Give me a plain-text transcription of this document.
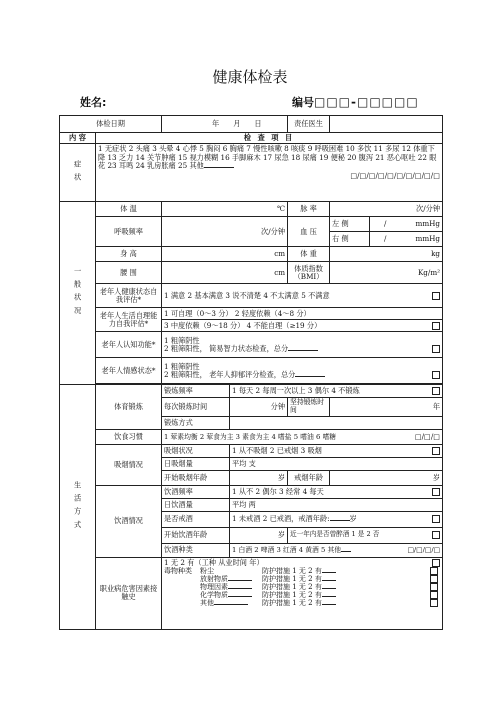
健康体检表
姓名:	编号□□□-□□□□□
体检日期	年 月 日	责任医生	
内 容	检 查 项 目

症状
	1 无症状 2 头痛 3 头晕 4 心悸 5 胸闷 6 胸痛 7 慢性咳嗽 8 咳痰 9 呼吸困难 10 多饮 11 多尿 12 体重下降 13 乏力 14 关节肿痛 15 视力模糊 16 手脚麻木 17 尿急 18 尿痛 19 便秘 20 腹泻 21 恶心呕吐 22 眼花 23 耳鸣 24 乳房胀痛 25 其他
□/□/□/□/□/□/□/□/□/□

一般状况
	体 温	℃	脉 率	次/分钟
呼吸频率	次/分钟	血 压	左 侧	/	mmHg

右 侧	/	mmHg

身 高	cm	体 重	kg
腰 围	cm	体质指数（BMI）	Kg/m²
老年人健康状态自我评估*	1 满意 2 基本满意 3 说不清楚 4 不太满意 5 不满意

老年人生活自理能力自我评估*	1 可自理（0～3 分） 2 轻度依赖（4～8 分）
3 中度依赖（9～18 分） 4 不能自理（≥19 分）

老年人认知功能*	1 粗筛阴性
2 粗筛阳性， 简易智力状态检查，总分

老年人情感状态*	1 粗筛阴性
2 粗筛阳性， 老年人抑郁评分检查，总分

生活方式
	体育锻炼	锻炼频率	1 每天 2 每周一次以上 3 偶尔 4 不锻炼

每次锻炼时间	分钟	坚持锻炼时间	年
锻炼方式	
饮食习惯	1 荤素均衡 2 荤食为主 3 素食为主 4 嗜盐 5 嗜油 6 嗜糖	□/□/□

吸烟情况	吸烟状况	1 从不吸烟 2 已戒烟 3 吸烟

日吸烟量	平均 支
开始吸烟年龄	岁	戒烟年龄	岁
饮酒情况	饮酒频率	1 从不 2 偶尔 3 经常 4 每天

日饮酒量	平均 两
是否戒酒	1 未戒酒 2 已戒酒，戒酒年龄:	岁

开始饮酒年龄	岁	近一年内是否曾醉酒 1 是 2 否

饮酒种类	1 白酒 2 啤酒 3 红酒 4 黄酒 5 其他	□/□/□/□

职业病危害因素接触史	
1 无 2 有（工种 从业时间 年）
毒物种类	粉尘	防护措施 1 无 2 有	
	放射物质	防护措施 1 无 2 有	
	物理因素	防护措施 1 无 2 有	
	化学物质	防护措施 1 无 2 有	
	其他	防护措施 1 无 2 有	
